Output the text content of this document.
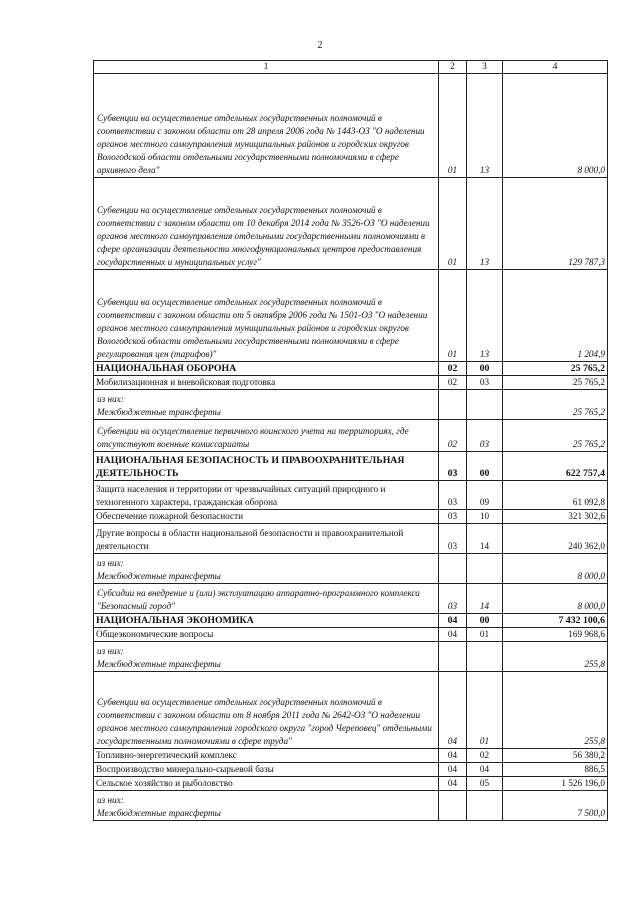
2
1	2	3	4
Субвенции на осуществление отдельных государственных полномочий в соответствии с законом области от 28 апреля 2006 года № 1443-ОЗ "О наделении органов местного самоуправления муниципальных районов и городских округов Вологодской области отдельными государственными полномочиями в сфере архивного дела"	01	13	8 000,0
Субвенции на осуществление отдельных государственных полномочий в соответствии с законом области от 10 декабря 2014 года № 3526-ОЗ "О наделении органов местного самоуправления отдельными государственными полномочиями в сфере организации деятельности многофункциональных центров предоставления государственных и муниципальных услуг"	01	13	129 787,3
Субвенции на осуществление отдельных государственных полномочий в соответствии с законом области от 5 октября 2006 года № 1501-ОЗ "О наделении органов местного самоуправления муниципальных районов и городских округов Вологодской области отдельными государственными полномочиями в сфере регулирования цен (тарифов)"	01	13	1 204,9
НАЦИОНАЛЬНАЯ ОБОРОНА	02	00	25 765,2
Мобилизационная и вневойсковая подготовка	02	03	25 765,2

из них:
Межбюджетные трансферты			25 765,2
Субвенции на осуществление первичного воинского учета на территориях, где отсутствуют военные комиссариаты	02	03	25 765,2
НАЦИОНАЛЬНАЯ БЕЗОПАСНОСТЬ И ПРАВООХРАНИТЕЛЬНАЯ ДЕЯТЕЛЬНОСТЬ	03	00	622 757,4
Защита населения и территории от чрезвычайных ситуаций природного и техногенного характера, гражданская оборона	03	09	61 092,8
Обеспечение пожарной безопасности	03	10	321 302,6
Другие вопросы в области национальной безопасности и правоохранительной деятельности	03	14	240 362,0

из них:
Межбюджетные трансферты			8 000,0
Субсидии на внедрение и (или) эксплуатацию аппаратно-программного комплекса "Безопасный город"	03	14	8 000,0
НАЦИОНАЛЬНАЯ ЭКОНОМИКА	04	00	7 432 100,6
Общеэкономические вопросы	04	01	169 968,6

из них:
Межбюджетные трансферты			255,8
Субвенции на осуществление отдельных государственных полномочий в соответствии с законом области от 8 ноября 2011 года № 2642-ОЗ "О наделении органов местного самоуправления городского округа "город Череповец" отдельными государственными полномочиями в сфере труда"	04	01	255,8
Топливно-энергетический комплекс	04	02	56 380,2
Воспроизводство минерально-сырьевой базы	04	04	886,5
Сельское хозяйство и рыболовство	04	05	1 526 196,0

из них:
Межбюджетные трансферты			7 500,0
